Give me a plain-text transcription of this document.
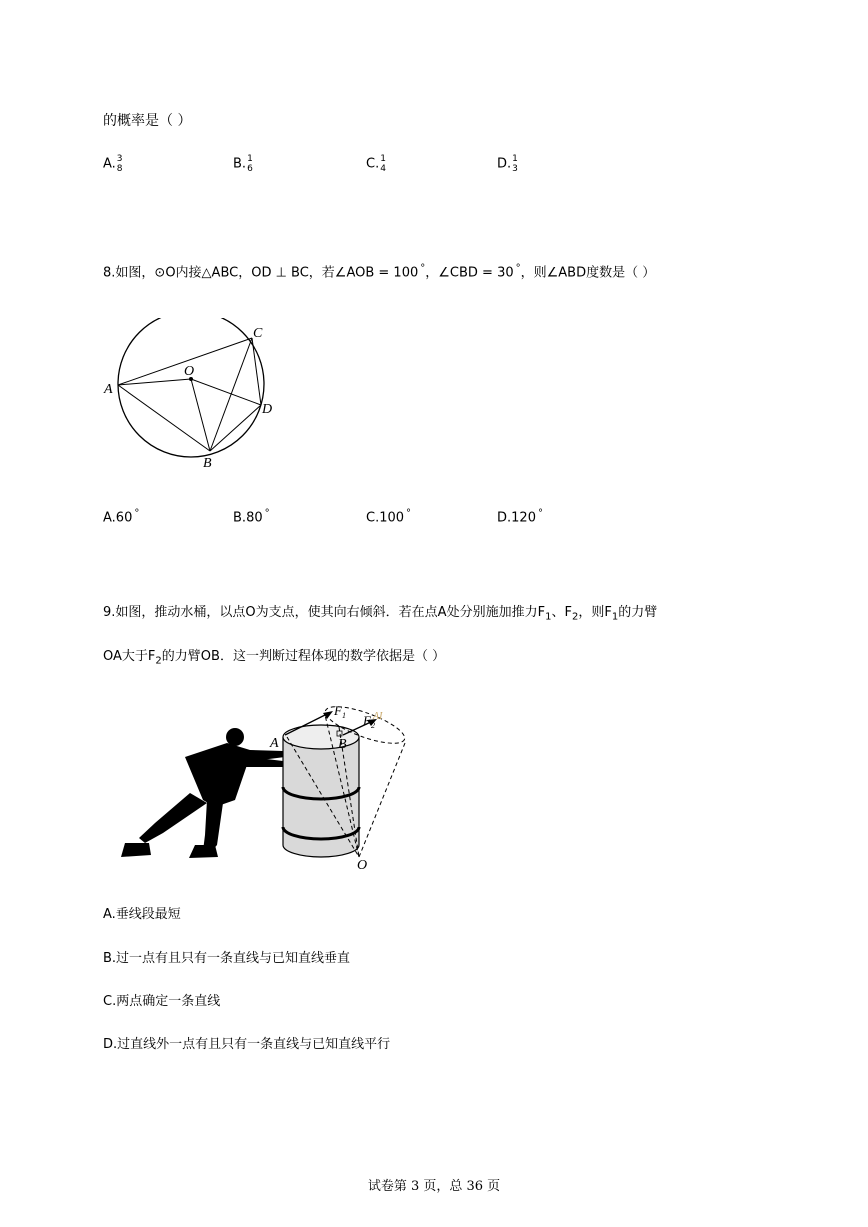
的概率是（ ）
A. 3
8	B. 1
6	C. 1
4	D. 1
3
8.如图，⊙O内接△ABC，OD ⊥ BC，若∠AOB = 100 °，∠CBD = 30 °，则∠ABD度数是（ ）
A
C
O
D
B
A.60 °	B.80 °	C.100 °	D.120 °
9.如图，推动水桶，以点O为支点，使其向右倾斜．若在点A处分别施加推力$F_1$、$F_2$，则$F_1$的力臂
OA大于$F_2$的力臂OB．这一判断过程体现的数学依据是（ ）
A	B
O
$F_1$ $F_2$
AI
A.垂线段最短
B.过一点有且只有一条直线与已知直线垂直
C.两点确定一条直线
D.过直线外一点有且只有一条直线与已知直线平行
试卷第 3 页，总 36 页
